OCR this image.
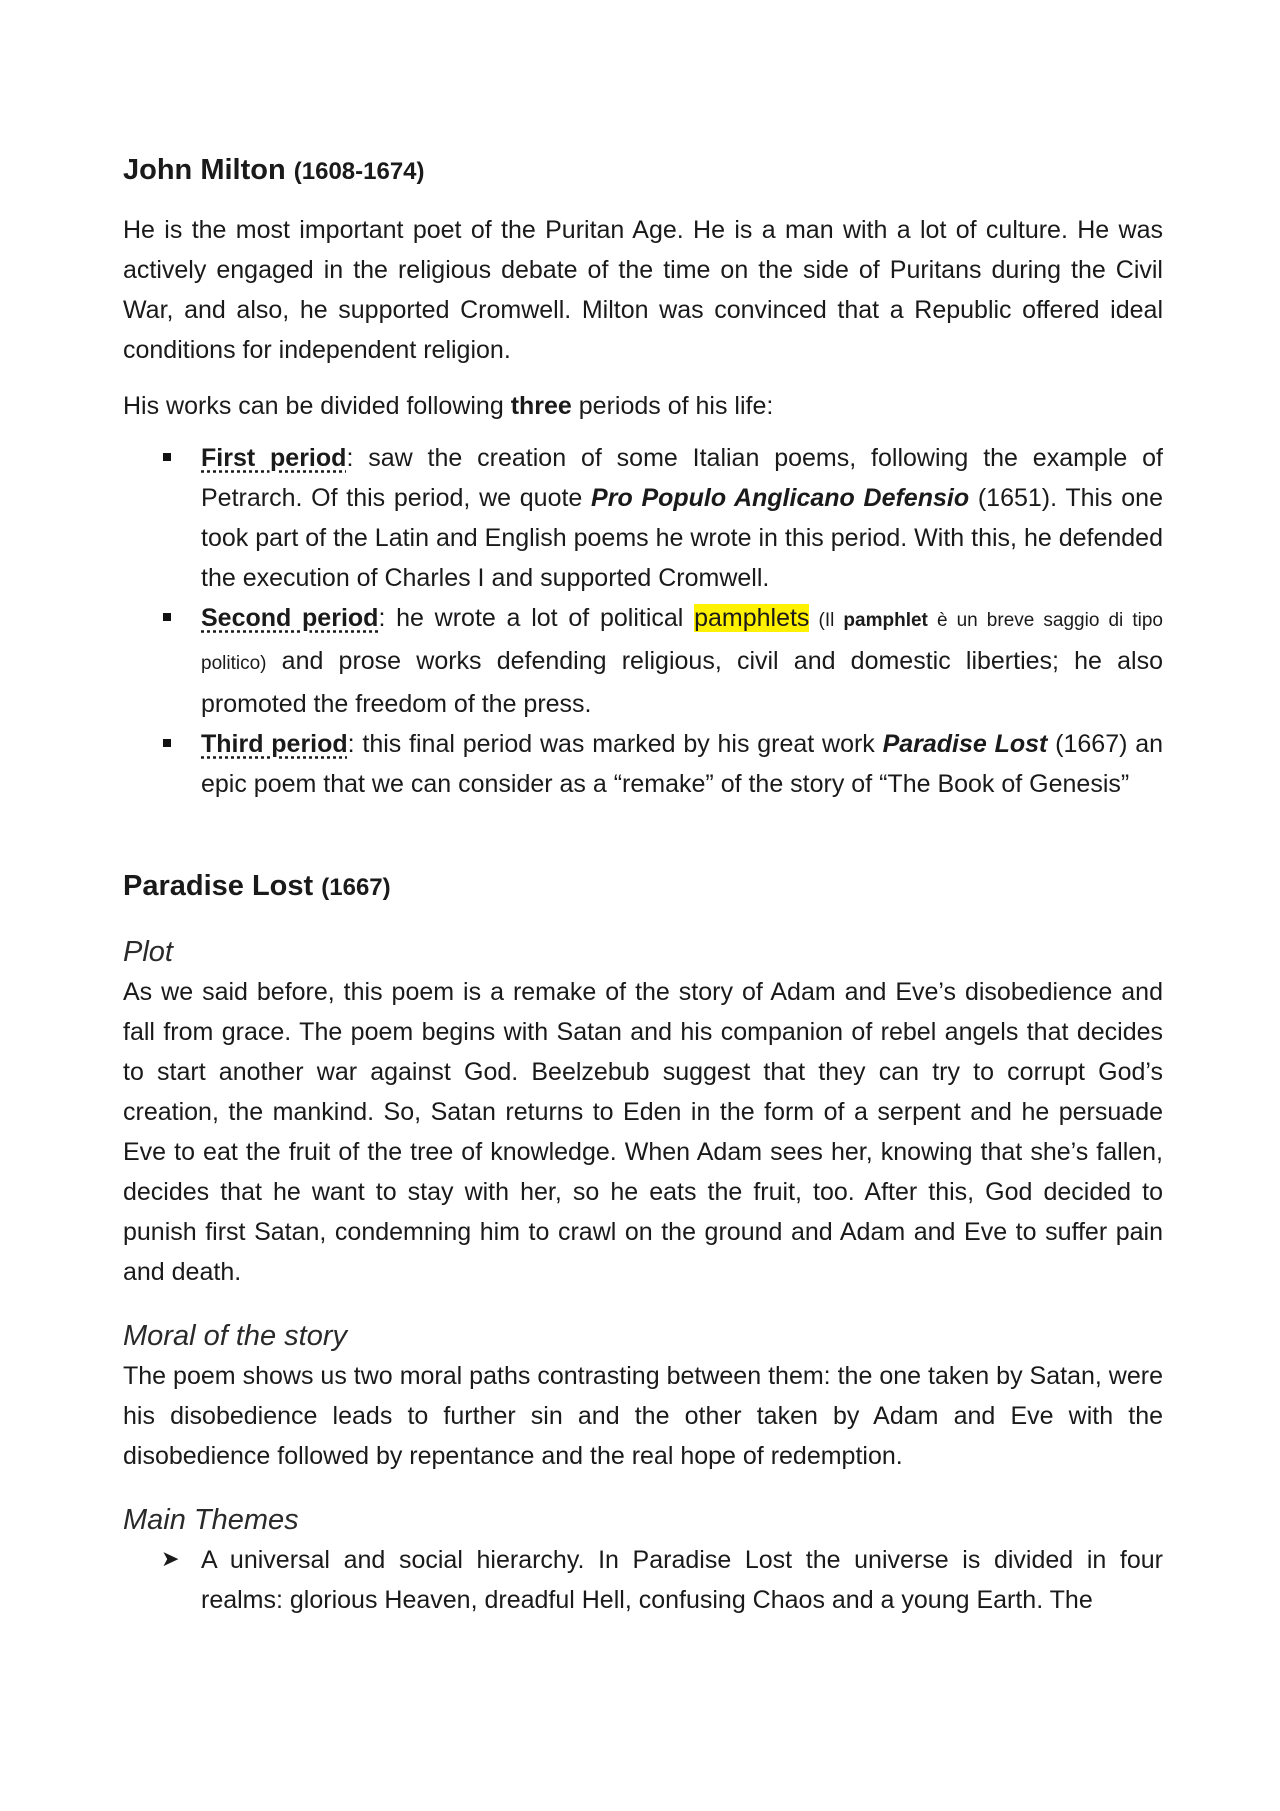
John Milton (1608-1674)

He is the most important poet of the Puritan Age. He is a man with a lot of culture. He was actively engaged in the religious debate of the time on the side of Puritans during the Civil War, and also, he supported Cromwell. Milton was convinced that a Republic offered ideal conditions for independent religion.

His works can be divided following three periods of his life:

First period: saw the creation of some Italian poems, following the example of Petrarch. Of this period, we quote Pro Populo Anglicano Defensio (1651). This one took part of the Latin and English poems he wrote in this period. With this, he defended the execution of Charles I and supported Cromwell.
Second period: he wrote a lot of political pamphlets (Il pamphlet è un breve saggio di tipo politico) and prose works defending religious, civil and domestic liberties; he also promoted the freedom of the press.
Third period: this final period was marked by his great work Paradise Lost (1667) an epic poem that we can consider as a “remake” of the story of “The Book of Genesis”
Paradise Lost (1667)
Plot

As we said before, this poem is a remake of the story of Adam and Eve’s disobedience and fall from grace. The poem begins with Satan and his companion of rebel angels that decides to start another war against God. Beelzebub suggest that they can try to corrupt God’s creation, the mankind. So, Satan returns to Eden in the form of a serpent and he persuade Eve to eat the fruit of the tree of knowledge. When Adam sees her, knowing that she’s fallen, decides that he want to stay with her, so he eats the fruit, too. After this, God decided to punish first Satan, condemning him to crawl on the ground and Adam and Eve to suffer pain and death.

Moral of the story

The poem shows us two moral paths contrasting between them: the one taken by Satan, were his disobedience leads to further sin and the other taken by Adam and Eve with the disobedience followed by repentance and the real hope of redemption.

Main Themes
➤ A universal and social hierarchy. In Paradise Lost the universe is divided in four realms: glorious Heaven, dreadful Hell, confusing Chaos and a young Earth. The
